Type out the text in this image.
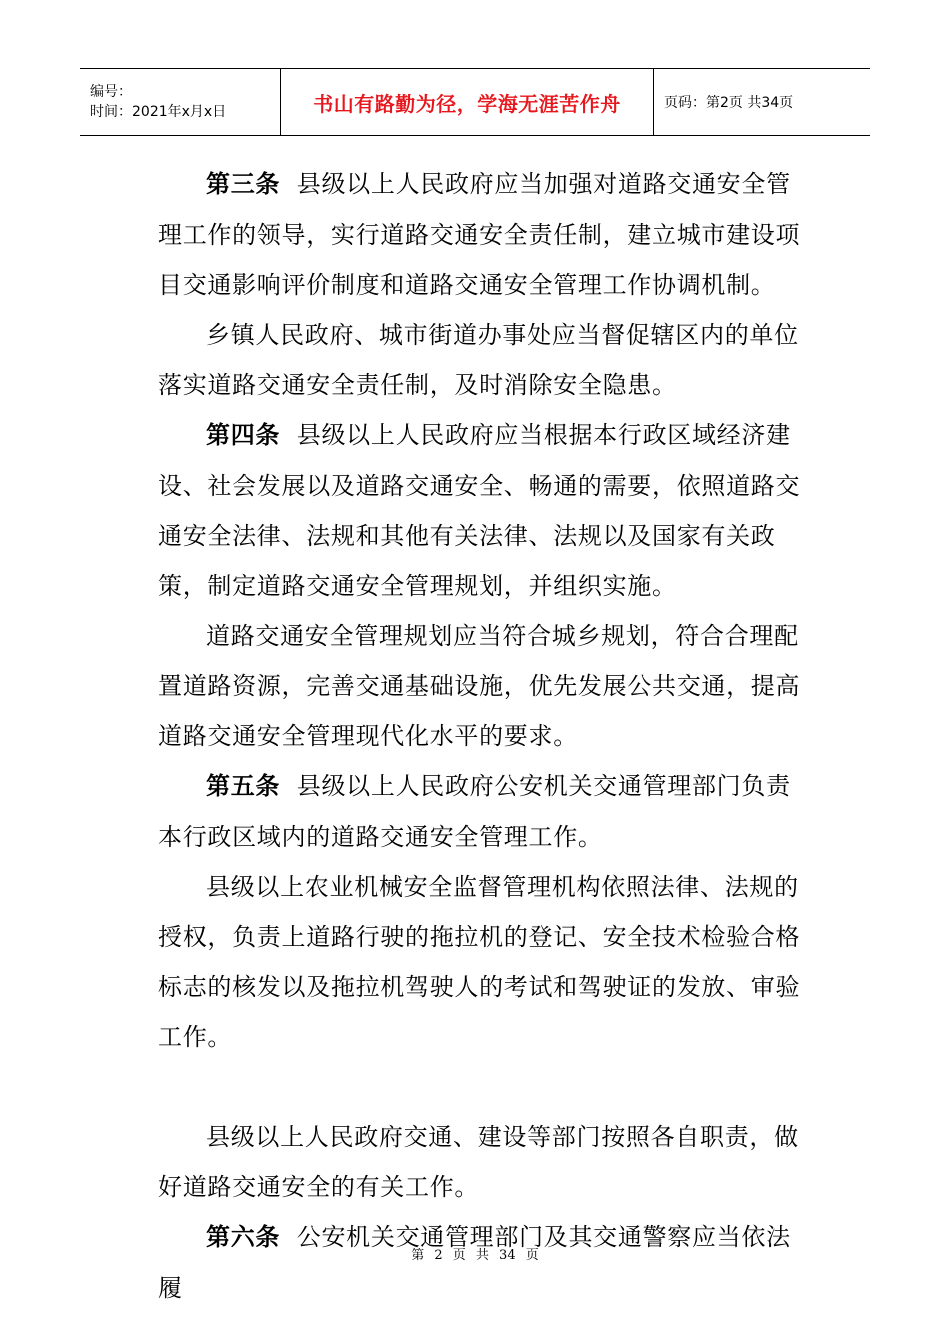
编号：
时间：2021年x月x日	书山有路勤为径，学海无涯苦作舟	页码：第2页 共34页

第三条 县级以上人民政府应当加强对道路交通安全管理工作的领导，实行道路交通安全责任制，建立城市建设项目交通影响评价制度和道路交通安全管理工作协调机制。

乡镇人民政府、城市街道办事处应当督促辖区内的单位落实道路交通安全责任制，及时消除安全隐患。

第四条 县级以上人民政府应当根据本行政区域经济建设、社会发展以及道路交通安全、畅通的需要，依照道路交通安全法律、法规和其他有关法律、法规以及国家有关政策，制定道路交通安全管理规划，并组织实施。

道路交通安全管理规划应当符合城乡规划，符合合理配置道路资源，完善交通基础设施，优先发展公共交通，提高道路交通安全管理现代化水平的要求。

第五条 县级以上人民政府公安机关交通管理部门负责本行政区域内的道路交通安全管理工作。

县级以上农业机械安全监督管理机构依照法律、法规的授权，负责上道路行驶的拖拉机的登记、安全技术检验合格标志的核发以及拖拉机驾驶人的考试和驾驶证的发放、审验工作。

县级以上人民政府交通、建设等部门按照各自职责，做好道路交通安全的有关工作。

第六条 公安机关交通管理部门及其交通警察应当依法履

第 2 页 共 34 页
